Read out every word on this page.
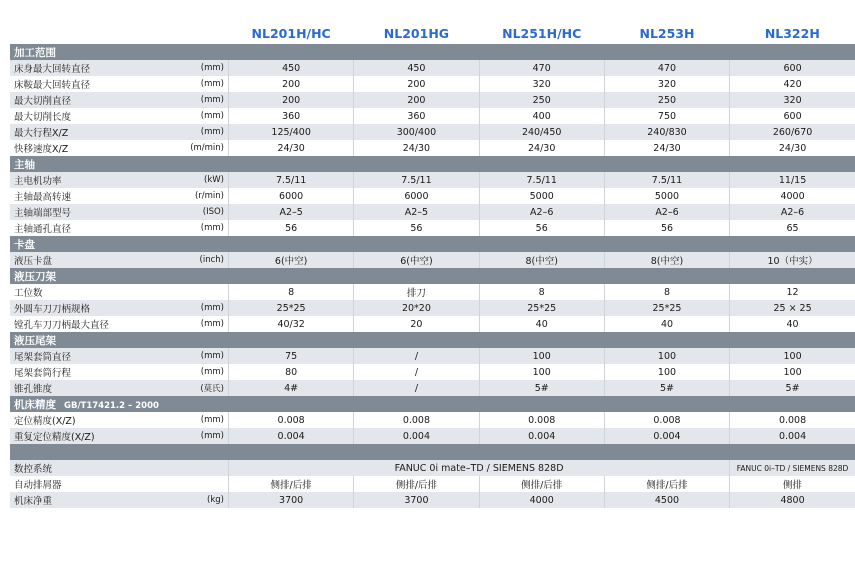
		NL201H/HC	NL201HG	NL251H/HC	NL253H	NL322H
加工范围						
床身最大回转直径	(mm)	450	450	470	470	600
床鞍最大回转直径	(mm)	200	200	320	320	420
最大切削直径	(mm)	200	200	250	250	320
最大切削长度	(mm)	360	360	400	750	600
最大行程X/Z	(mm)	125/400	300/400	240/450	240/830	260/670
快移速度X/Z	(m/min)	24/30	24/30	24/30	24/30	24/30
主轴						
主电机功率	(kW)	7.5/11	7.5/11	7.5/11	7.5/11	11/15
主轴最高转速	(r/min)	6000	6000	5000	5000	4000
主轴端部型号	(ISO)	A2–5	A2–5	A2–6	A2–6	A2–6
主轴通孔直径	(mm)	56	56	56	56	65
卡盘						
液压卡盘	(inch)	6(中空)	6(中空)	8(中空)	8(中空)	10（中实）
液压刀架						
工位数		8	排刀	8	8	12
外圆车刀刀柄规格	(mm)	25*25	20*20	25*25	25*25	25 × 25
镗孔车刀刀柄最大直径	(mm)	40/32	20	40	40	40
液压尾架						
尾架套筒直径	(mm)	75	/	100	100	100
尾架套筒行程	(mm)	80	/	100	100	100
锥孔锥度	(莫氏)	4#	/	5#	5#	5#
机床精度 GB/T17421.2 – 2000						
定位精度(X/Z)	(mm)	0.008	0.008	0.008	0.008	0.008
重复定位精度(X/Z)	(mm)	0.004	0.004	0.004	0.004	0.004

数控系统		FANUC 0i mate–TD / SIEMENS 828D				FANUC 0i–TD / SIEMENS 828D
自动排屑器		侧排/后排	侧排/后排	侧排/后排	侧排/后排	侧排
机床净重	(kg)	3700	3700	4000	4500	4800
